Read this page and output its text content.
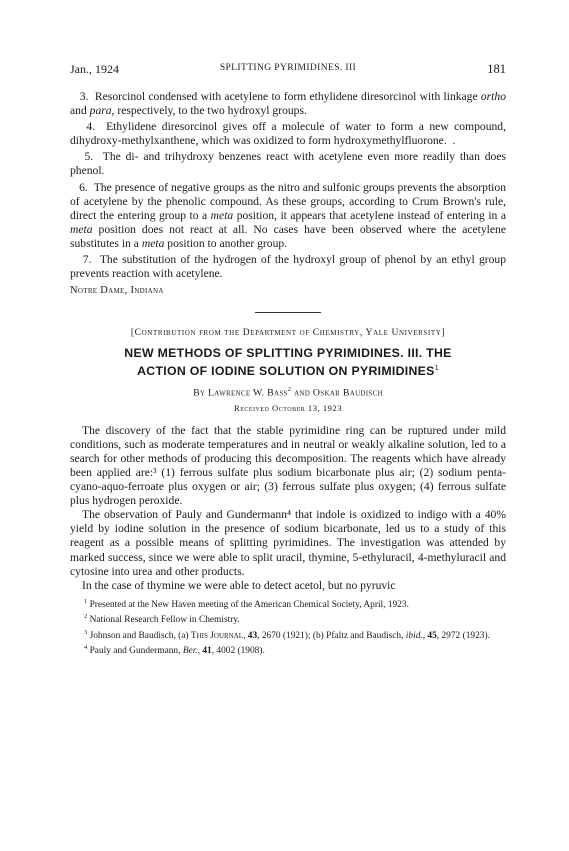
Jan., 1924	SPLITTING PYRIMIDINES. III	181

3.  Resorcinol condensed with acetylene to form ethylidene diresorcinol with linkage ortho and para, respectively, to the two hydroxyl groups.

4. Ethylidene diresorcinol gives off a molecule of water to form a new compound, dihydroxy-methylxanthene, which was oxidized to form hydroxymethylfluorone.  .

5. The di- and trihydroxy benzenes react with acetylene even more readily than does phenol.

6.  The presence of negative groups as the nitro and sulfonic groups prevents the absorption of acetylene by the phenolic compound. As these groups, according to Crum Brown's rule, direct the entering group to a meta position, it appears that acetylene instead of entering in a meta position does not react at all. No cases have been observed where the acetylene substitutes in a meta position to another group.

7. The substitution of the hydrogen of the hydroxyl group of phenol by an ethyl group prevents reaction with acetylene.

Notre Dame, Indiana

[Contribution from the Department of Chemistry, Yale University]
NEW METHODS OF SPLITTING PYRIMIDINES. III. THE
ACTION OF IODINE SOLUTION ON PYRIMIDINES$^1$
By Lawrence W. Bass$^2$ and Oskar Baudisch
Received October 13, 1923

The discovery of the fact that the stable pyrimidine ring can be ruptured under mild conditions, such as moderate temperatures and in neutral or weakly alkaline solution, led to a search for other methods of producing this decomposition. The reagents which have already been applied are:³ (1) ferrous sulfate plus sodium bicarbonate plus air; (2) sodium penta-cyano-aquo-ferroate plus oxygen or air; (3) ferrous sulfate plus oxygen; (4) ferrous sulfate plus hydrogen peroxide.

The observation of Pauly and Gundermann⁴ that indole is oxidized to indigo with a 40% yield by iodine solution in the presence of sodium bicarbonate, led us to a study of this reagent as a possible means of splitting pyrimidines. The investigation was attended by marked success, since we were able to split uracil, thymine, 5-ethyluracil, 4-methyluracil and cytosine into urea and other products.

In the case of thymine we were able to detect acetol, but no pyruvic

$^1$ Presented at the New Haven meeting of the American Chemical Society, April, 1923.

$^2$ National Research Fellow in Chemistry.

$^3$ Johnson and Baudisch, (a) This Journal, 43, 2670 (1921); (b) Pfaltz and Baudisch, ibid., 45, 2972 (1923).

$^4$ Pauly and Gundermann, Ber., 41, 4002 (1908).
